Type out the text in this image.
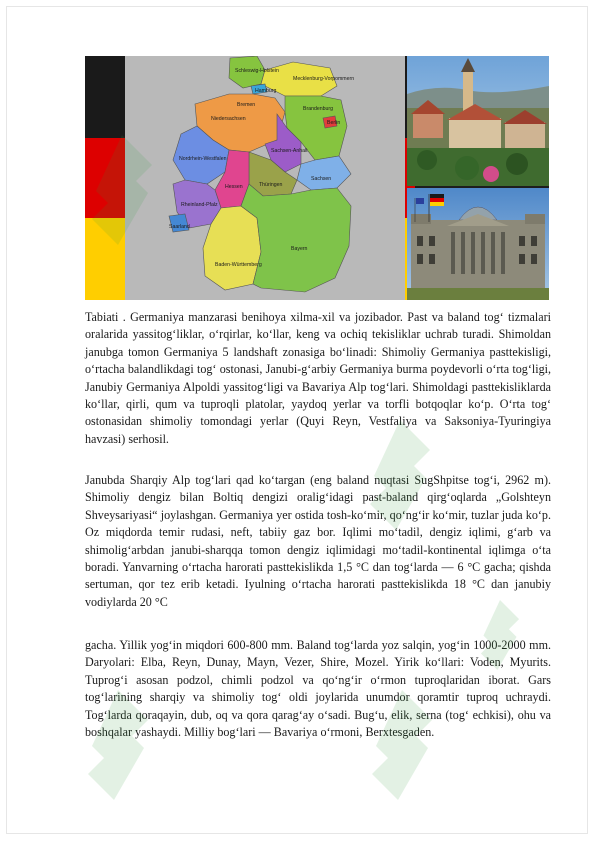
Schleswig-Holstein
Mecklenburg-Vorpommern
Hamburg
Bremen
Niedersachsen
Brandenburg
Berlin
Sachsen-Anhalt
Nordrhein-Westfalen
Sachsen
Thüringen
Hessen
Rheinland-Pfalz
Saarland
Bayern
Baden-Württemberg

Tabiati . Germaniya manzarasi benihoya xilma-xil va jozibador. Past va baland tog‘ tizmalari oralarida yassitog‘liklar, o‘rqirlar, ko‘llar, keng va ochiq tekisliklar uchrab turadi. Shimoldan janubga tomon Germaniya 5 landshaft zonasiga bo‘linadi: Shimoliy Germaniya pasttekisligi, o‘rtacha balandlikdagi tog‘ ostonasi, Janubi-g‘arbiy Germaniya burma poydevorli o‘rta tog‘ligi, Janubiy Germaniya Alpoldi yassitog‘ligi va Bavariya Alp tog‘lari. Shimoldagi pasttekisliklarda ko‘llar, qirli, qum va tuproqli platolar, yaydoq yerlar va torfli botqoqlar ko‘p. O‘rta tog‘ ostonasidan shimoliy tomondagi yerlar (Quyi Reyn, Vestfaliya va Saksoniya-Tyuringiya havzasi) serhosil.

Janubda Sharqiy Alp tog‘lari qad ko‘targan (eng baland nuqtasi SugShpitse tog‘i, 2962 m). Shimoliy dengiz bilan Boltiq dengizi oralig‘idagi past-baland qirg‘oqlarda „Golshteyn Shveysariyasi“ joylashgan. Germaniya yer ostida tosh-ko‘mir, qo‘ng‘ir ko‘mir, tuzlar juda ko‘p. Oz miqdorda temir rudasi, neft, tabiiy gaz bor. Iqlimi mo‘tadil, dengiz iqlimi, g‘arb va shimolig‘arbdan janubi-sharqqa tomon dengiz iqlimidagi mo‘tadil-kontinental iqlimga o‘ta boradi. Yanvarning o‘rtacha harorati pasttekislikda 1,5 °C dan tog‘larda — 6 °C gacha; qishda sertuman, qor tez erib ketadi. Iyulning o‘rtacha harorati pasttekislikda 18 °C dan janubiy vodiylarda 20 °C

gacha. Yillik yog‘in miqdori 600-800 mm. Baland tog‘larda yoz salqin, yog‘in 1000-2000 mm. Daryolari: Elba, Reyn, Dunay, Mayn, Vezer, Shire, Mozel. Yirik ko‘llari: Voden, Myurits. Tuprog‘i asosan podzol, chimli podzol va qo‘ng‘ir o‘rmon tuproqlaridan iborat. Gars tog‘larining sharqiy va shimoliy tog‘ oldi joylarida unumdor qoramtir tuproq uchraydi. Tog‘larda qoraqayin, dub, oq va qora qarag‘ay o‘sadi. Bug‘u, elik, serna (tog‘ echkisi), ohu va boshqalar yashaydi. Milliy bog‘lari — Bavariya o‘rmoni, Berxtesgaden.
